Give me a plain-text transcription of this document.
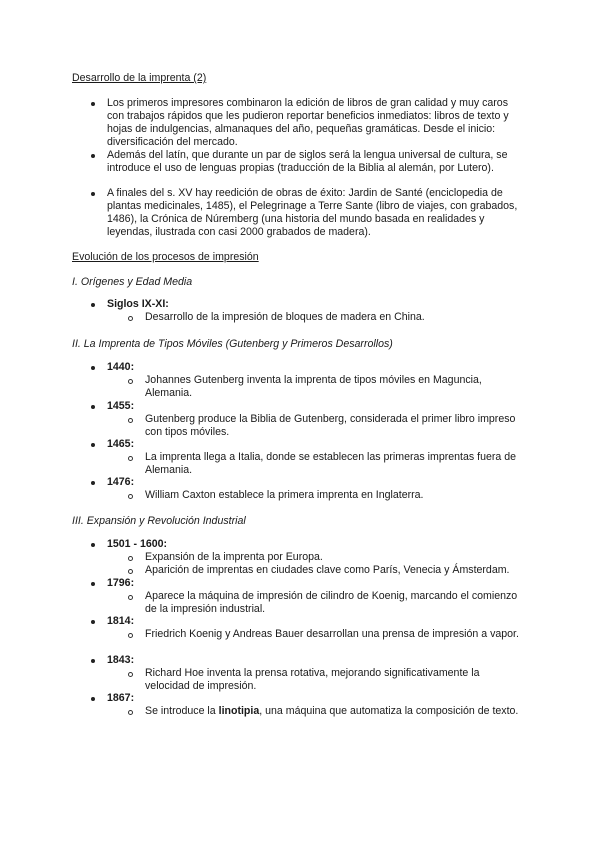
Desarrollo de la imprenta (2)
Los primeros impresores combinaron la edición de libros de gran calidad y muy caros con trabajos rápidos que les pudieron reportar beneficios inmediatos: libros de texto y hojas de indulgencias, almanaques del año, pequeñas gramáticas. Desde el inicio: diversificación del mercado.
Además del latín, que durante un par de siglos será la lengua universal de cultura, se introduce el uso de lenguas propias (traducción de la Biblia al alemán, por Lutero).
A finales del s. XV hay reedición de obras de éxito: Jardin de Santé (enciclopedia de plantas medicinales, 1485), el Pelegrinage a Terre Sante (libro de viajes, con grabados, 1486), la Crónica de Núremberg (una historia del mundo basada en realidades y leyendas, ilustrada con casi 2000 grabados de madera).
Evolución de los procesos de impresión
I. Orígenes y Edad Media
Siglos IX-XI:
Desarrollo de la impresión de bloques de madera en China.
II. La Imprenta de Tipos Móviles (Gutenberg y Primeros Desarrollos)
1440:
Johannes Gutenberg inventa la imprenta de tipos móviles en Maguncia, Alemania.
1455:
Gutenberg produce la Biblia de Gutenberg, considerada el primer libro impreso con tipos móviles.
1465:
La imprenta llega a Italia, donde se establecen las primeras imprentas fuera de Alemania.
1476:
William Caxton establece la primera imprenta en Inglaterra.
III. Expansión y Revolución Industrial
1501 - 1600:
Expansión de la imprenta por Europa.
Aparición de imprentas en ciudades clave como París, Venecia y Ámsterdam.
1796:
Aparece la máquina de impresión de cilindro de Koenig, marcando el comienzo de la impresión industrial.
1814:
Friedrich Koenig y Andreas Bauer desarrollan una prensa de impresión a vapor.
1843:
Richard Hoe inventa la prensa rotativa, mejorando significativamente la velocidad de impresión.
1867:
Se introduce la linotipia, una máquina que automatiza la composición de texto.
